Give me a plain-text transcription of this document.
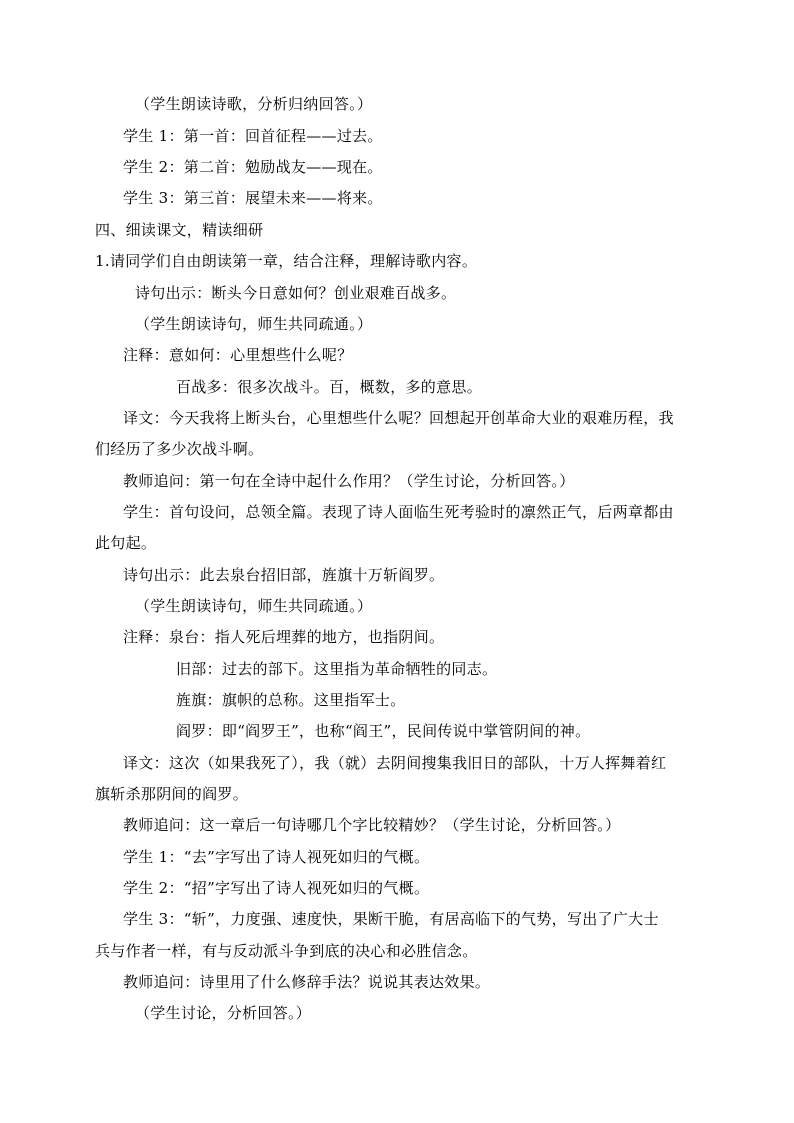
（学生朗读诗歌，分析归纳回答。）
学生 1：第一首：回首征程——过去。
学生 2：第二首：勉励战友——现在。
学生 3：第三首：展望未来——将来。
四、细读课文，精读细研
1.请同学们自由朗读第一章，结合注释，理解诗歌内容。
诗句出示：断头今日意如何？创业艰难百战多。
（学生朗读诗句，师生共同疏通。）
注释：意如何：心里想些什么呢？
百战多：很多次战斗。百，概数，多的意思。
译文：今天我将上断头台，心里想些什么呢？回想起开创革命大业的艰难历程，我
们经历了多少次战斗啊。
教师追问：第一句在全诗中起什么作用？（学生讨论，分析回答。）
学生：首句设问，总领全篇。表现了诗人面临生死考验时的凛然正气，后两章都由
此句起。
诗句出示：此去泉台招旧部，旌旗十万斩阎罗。
（学生朗读诗句，师生共同疏通。）
注释：泉台：指人死后埋葬的地方，也指阴间。
旧部：过去的部下。这里指为革命牺牲的同志。
旌旗：旗帜的总称。这里指军士。
阎罗：即“阎罗王”，也称“阎王”，民间传说中掌管阴间的神。
译文：这次（如果我死了），我（就）去阴间搜集我旧日的部队，十万人挥舞着红
旗斩杀那阴间的阎罗。
教师追问：这一章后一句诗哪几个字比较精妙？（学生讨论，分析回答。）
学生 1：“去”字写出了诗人视死如归的气概。
学生 2：“招”字写出了诗人视死如归的气概。
学生 3：“斩”，力度强、速度快，果断干脆，有居高临下的气势，写出了广大士
兵与作者一样，有与反动派斗争到底的决心和必胜信念。
教师追问：诗里用了什么修辞手法？说说其表达效果。
（学生讨论，分析回答。）
